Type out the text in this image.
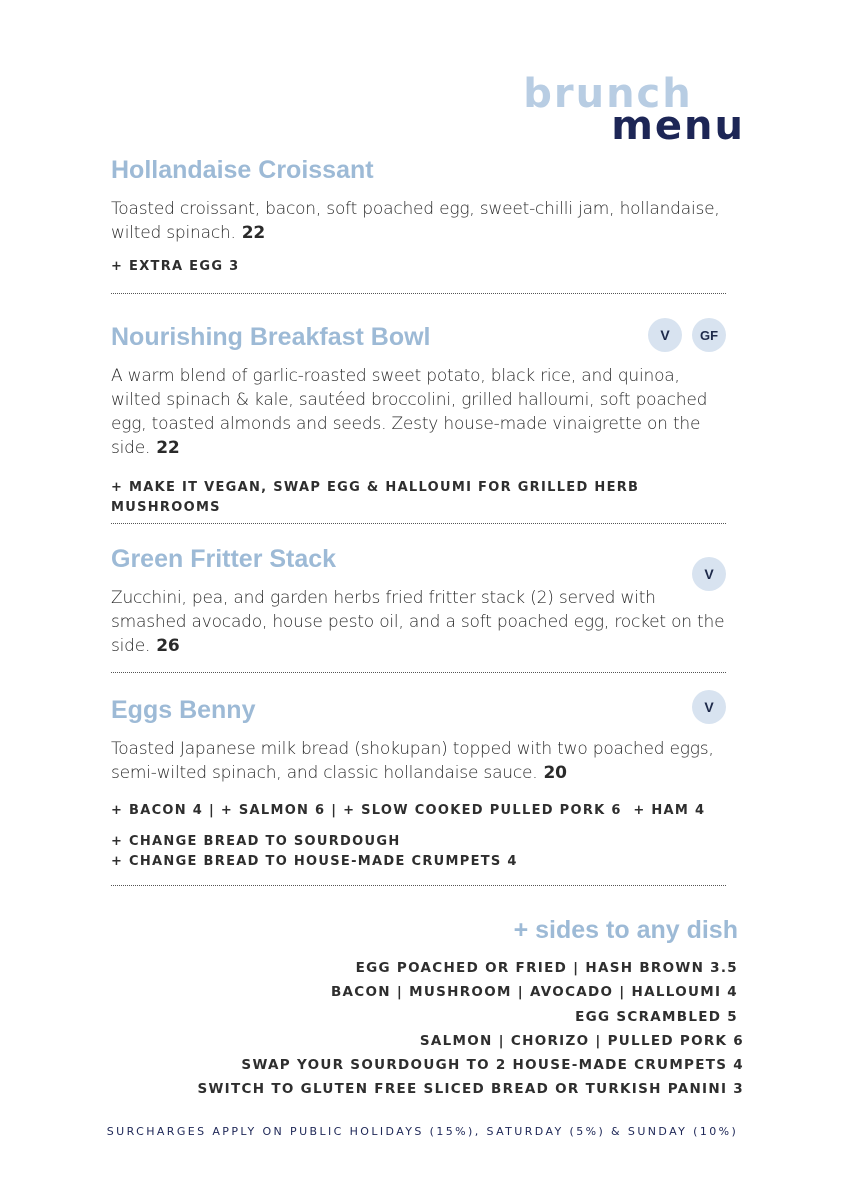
brunch
menu
Hollandaise Croissant

Toasted croissant, bacon, soft poached egg, sweet-chilli jam, hollandaise, wilted spinach. 22

+ EXTRA EGG 3
Nourishing Breakfast Bowl

A warm blend of garlic-roasted sweet potato, black rice, and quinoa, wilted spinach & kale, sautéed broccolini, grilled halloumi, soft poached egg, toasted almonds and seeds. Zesty house-made vinaigrette on the side. 22

+ MAKE IT VEGAN, SWAP EGG & HALLOUMI FOR GRILLED HERB MUSHROOMS
V	GF
Green Fritter Stack

Zucchini, pea, and garden herbs fried fritter stack (2) served with smashed avocado, house pesto oil, and a soft poached egg, rocket on the side. 26

V
Eggs Benny

Toasted Japanese milk bread (shokupan) topped with two poached eggs, semi-wilted spinach, and classic hollandaise sauce. 20

+ BACON 4 | + SALMON 6 | + SLOW COOKED PULLED PORK 6  + HAM 4
+ CHANGE BREAD TO SOURDOUGH
+ CHANGE BREAD TO HOUSE-MADE CRUMPETS 4
V
+ sides to any dish
EGG POACHED OR FRIED | HASH BROWN 3.5
BACON | MUSHROOM | AVOCADO | HALLOUMI 4
EGG SCRAMBLED 5
SALMON | CHORIZO | PULLED PORK 6
SWAP YOUR SOURDOUGH TO 2 HOUSE-MADE CRUMPETS 4
SWITCH TO GLUTEN FREE SLICED BREAD OR TURKISH PANINI 3
SURCHARGES APPLY ON PUBLIC HOLIDAYS (15%), SATURDAY (5%) & SUNDAY (10%)
